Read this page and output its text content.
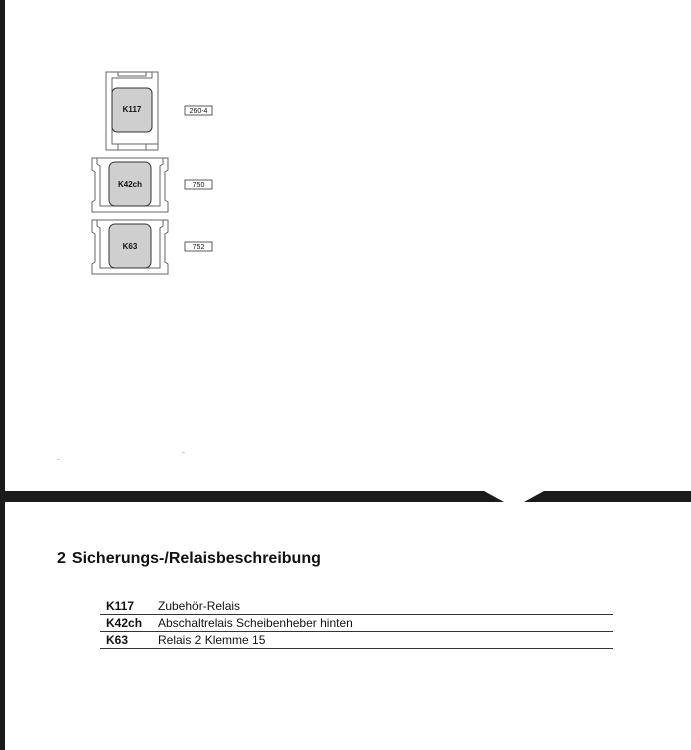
K117	260-4
K42ch	750
K63	752
2 Sicherungs-/Relaisbeschreibung
K117	Zubehör-Relais
K42ch	Abschaltrelais Scheibenheber hinten
K63	Relais 2 Klemme 15
